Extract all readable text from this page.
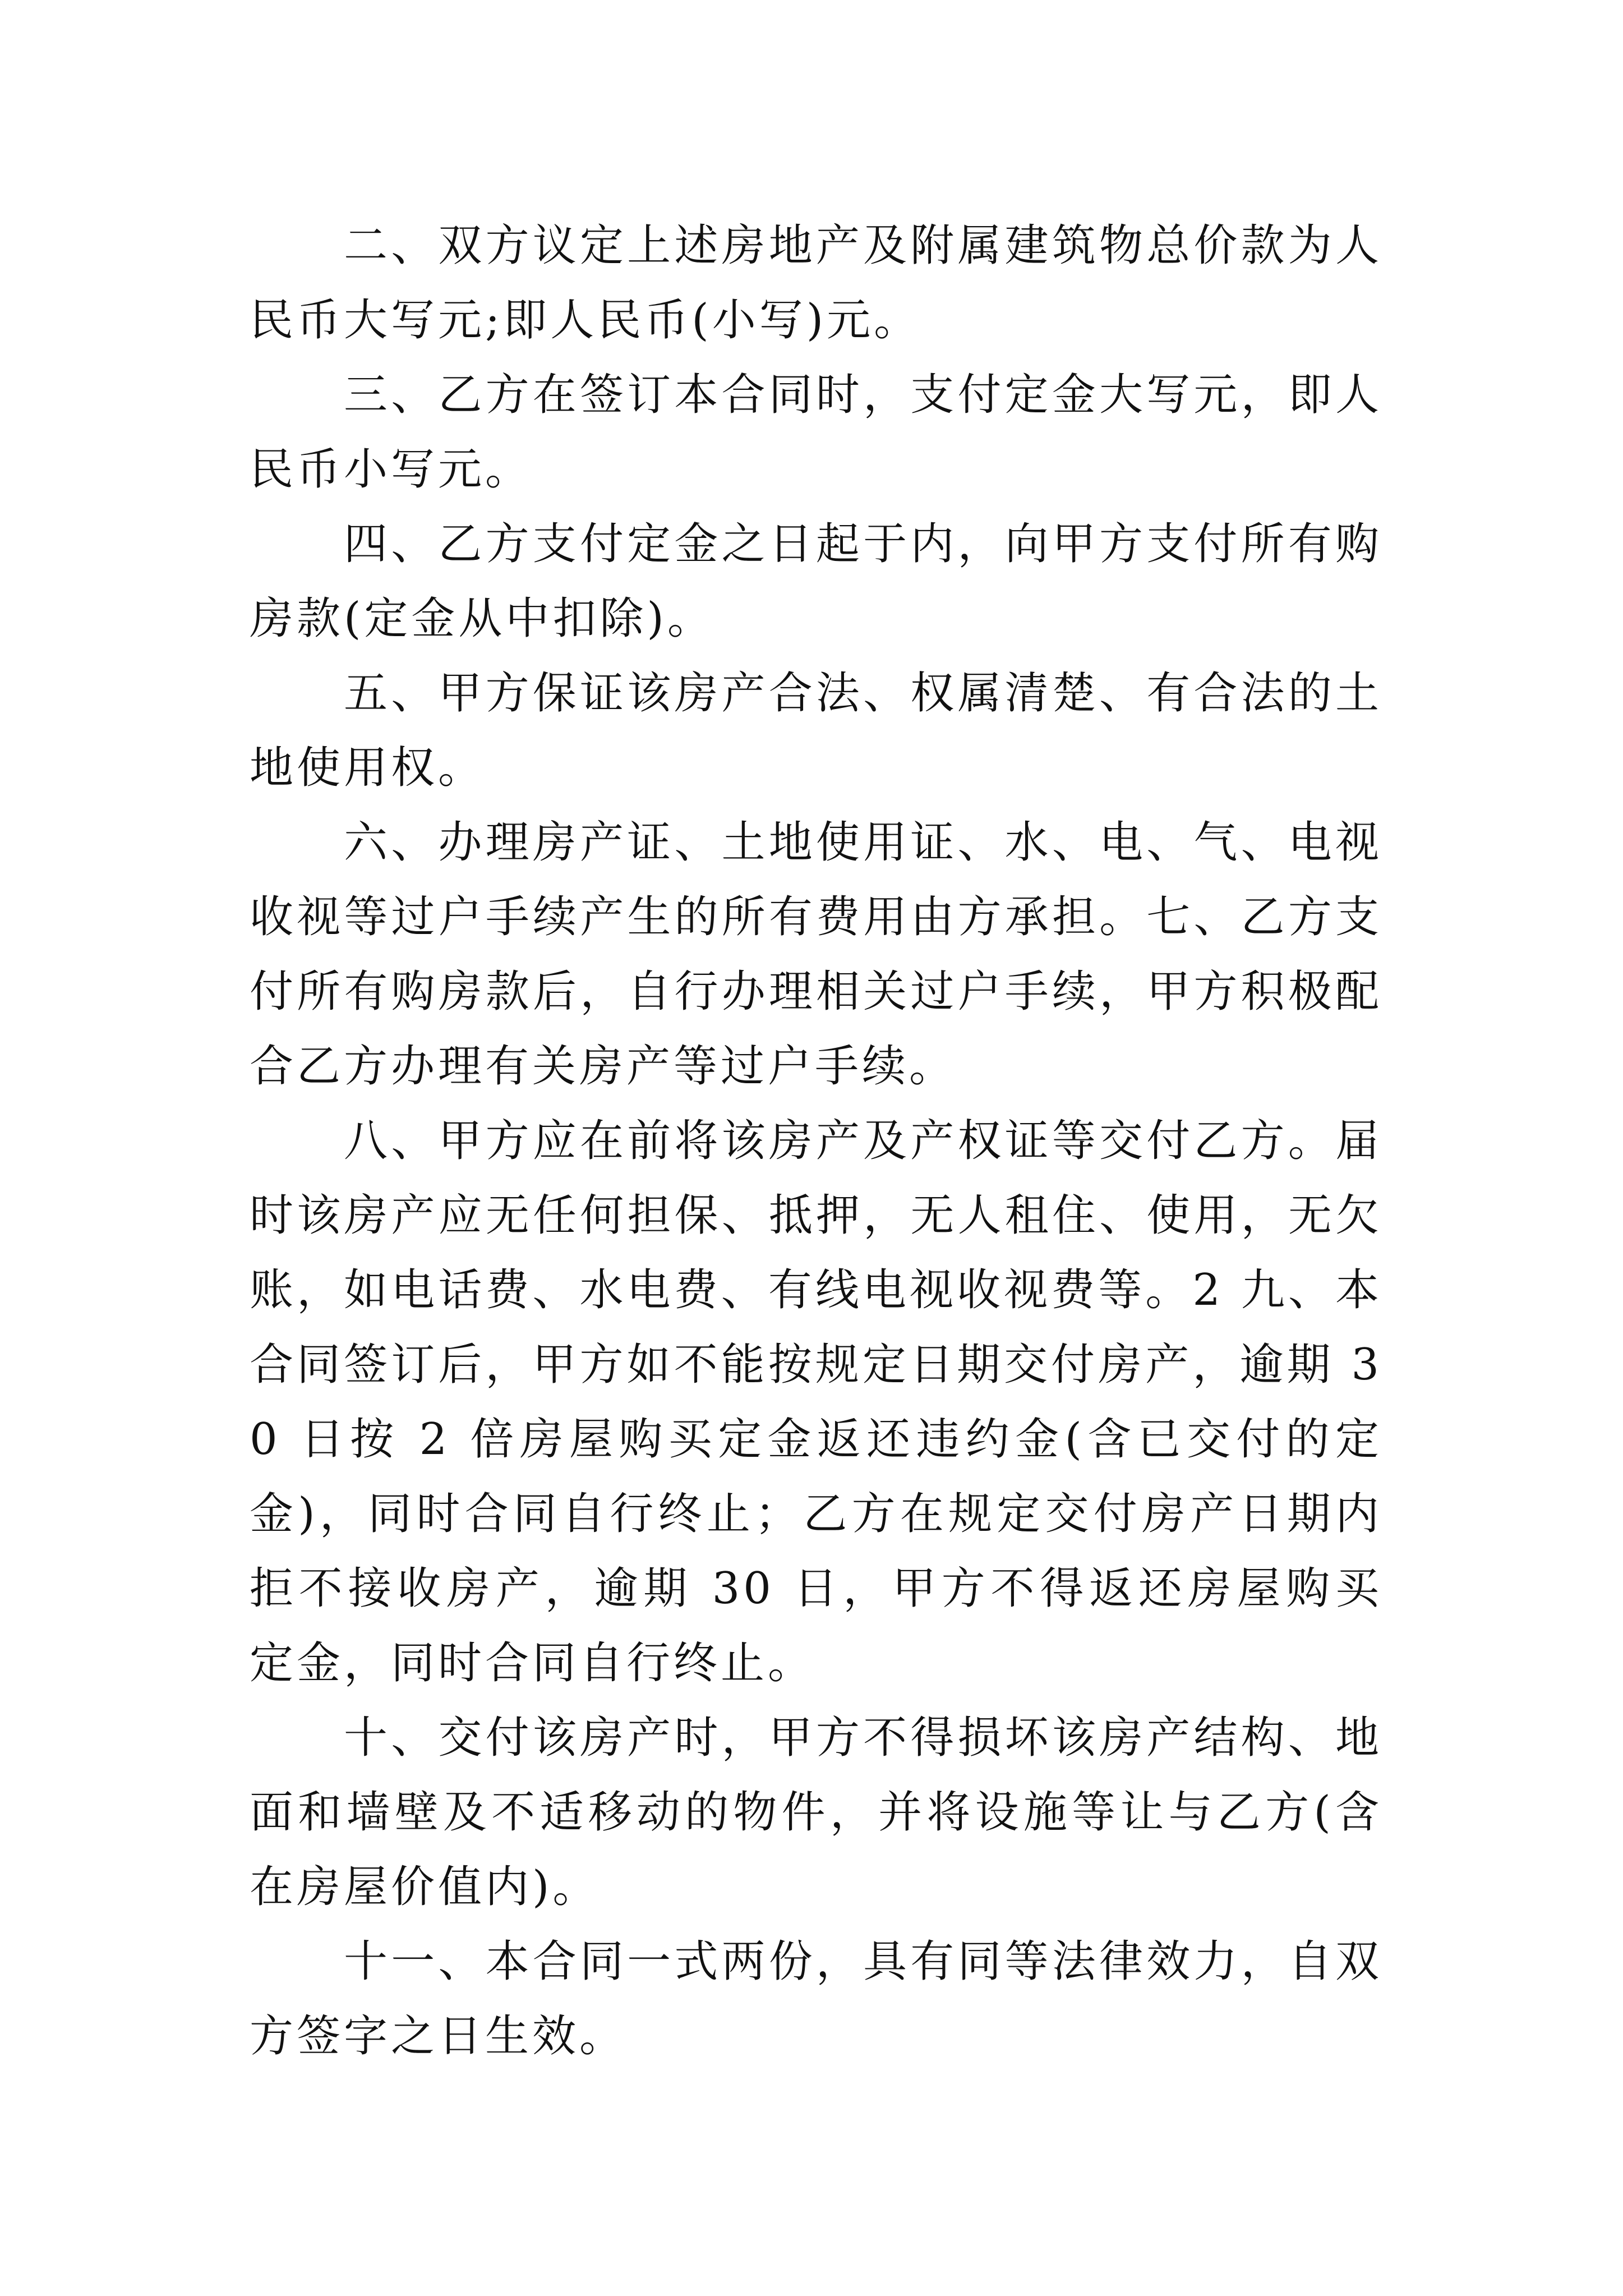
二、双方议定上述房地产及附属建筑物总价款为人民币大写元;即人民币(小写)元。

三、乙方在签订本合同时，支付定金大写元，即人民币小写元。

四、乙方支付定金之日起于内，向甲方支付所有购房款(定金从中扣除)。

五、甲方保证该房产合法、权属清楚、有合法的土地使用权。

六、办理房产证、土地使用证、水、电、气、电视收视等过户手续产生的所有费用由方承担。七、乙方支付所有购房款后，自行办理相关过户手续，甲方积极配合乙方办理有关房产等过户手续。

八、甲方应在前将该房产及产权证等交付乙方。届时该房产应无任何担保、抵押，无人租住、使用，无欠账，如电话费、水电费、有线电视收视费等。2 九、本合同签订后，甲方如不能按规定日期交付房产，逾期 30 日按 2 倍房屋购买定金返还违约金(含已交付的定金)，同时合同自行终止；乙方在规定交付房产日期内拒不接收房产，逾期 30 日，甲方不得返还房屋购买定金，同时合同自行终止。

十、交付该房产时，甲方不得损坏该房产结构、地面和墙壁及不适移动的物件，并将设施等让与乙方(含在房屋价值内)。

十一、本合同一式两份，具有同等法律效力，自双方签字之日生效。
